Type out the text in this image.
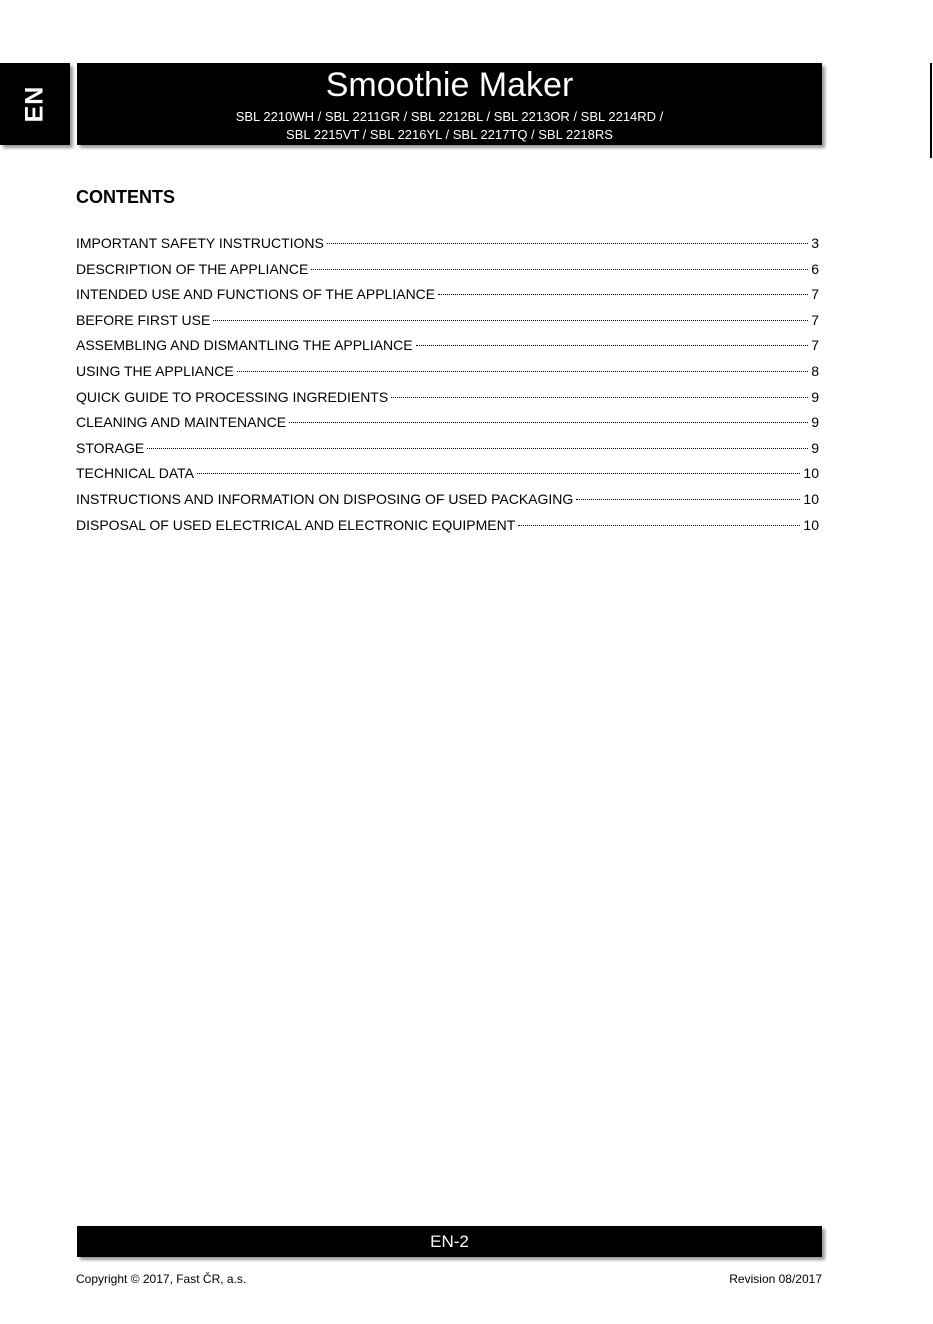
EN	Smoothie Maker
SBL 2210WH / SBL 2211GR / SBL 2212BL / SBL 2213OR / SBL 2214RD /
SBL 2215VT / SBL 2216YL / SBL 2217TQ / SBL 2218RS
CONTENTS
IMPORTANT SAFETY INSTRUCTIONS	3
DESCRIPTION OF THE APPLIANCE	6
INTENDED USE AND FUNCTIONS OF THE APPLIANCE	7
BEFORE FIRST USE	7
ASSEMBLING AND DISMANTLING THE APPLIANCE	7
USING THE APPLIANCE	8
QUICK GUIDE TO PROCESSING INGREDIENTS	9
CLEANING AND MAINTENANCE	9
STORAGE	9
TECHNICAL DATA	10
INSTRUCTIONS AND INFORMATION ON DISPOSING OF USED PACKAGING	10
DISPOSAL OF USED ELECTRICAL AND ELECTRONIC EQUIPMENT	10
EN-2
Copyright © 2017, Fast ČR, a.s.	Revision 08/2017
